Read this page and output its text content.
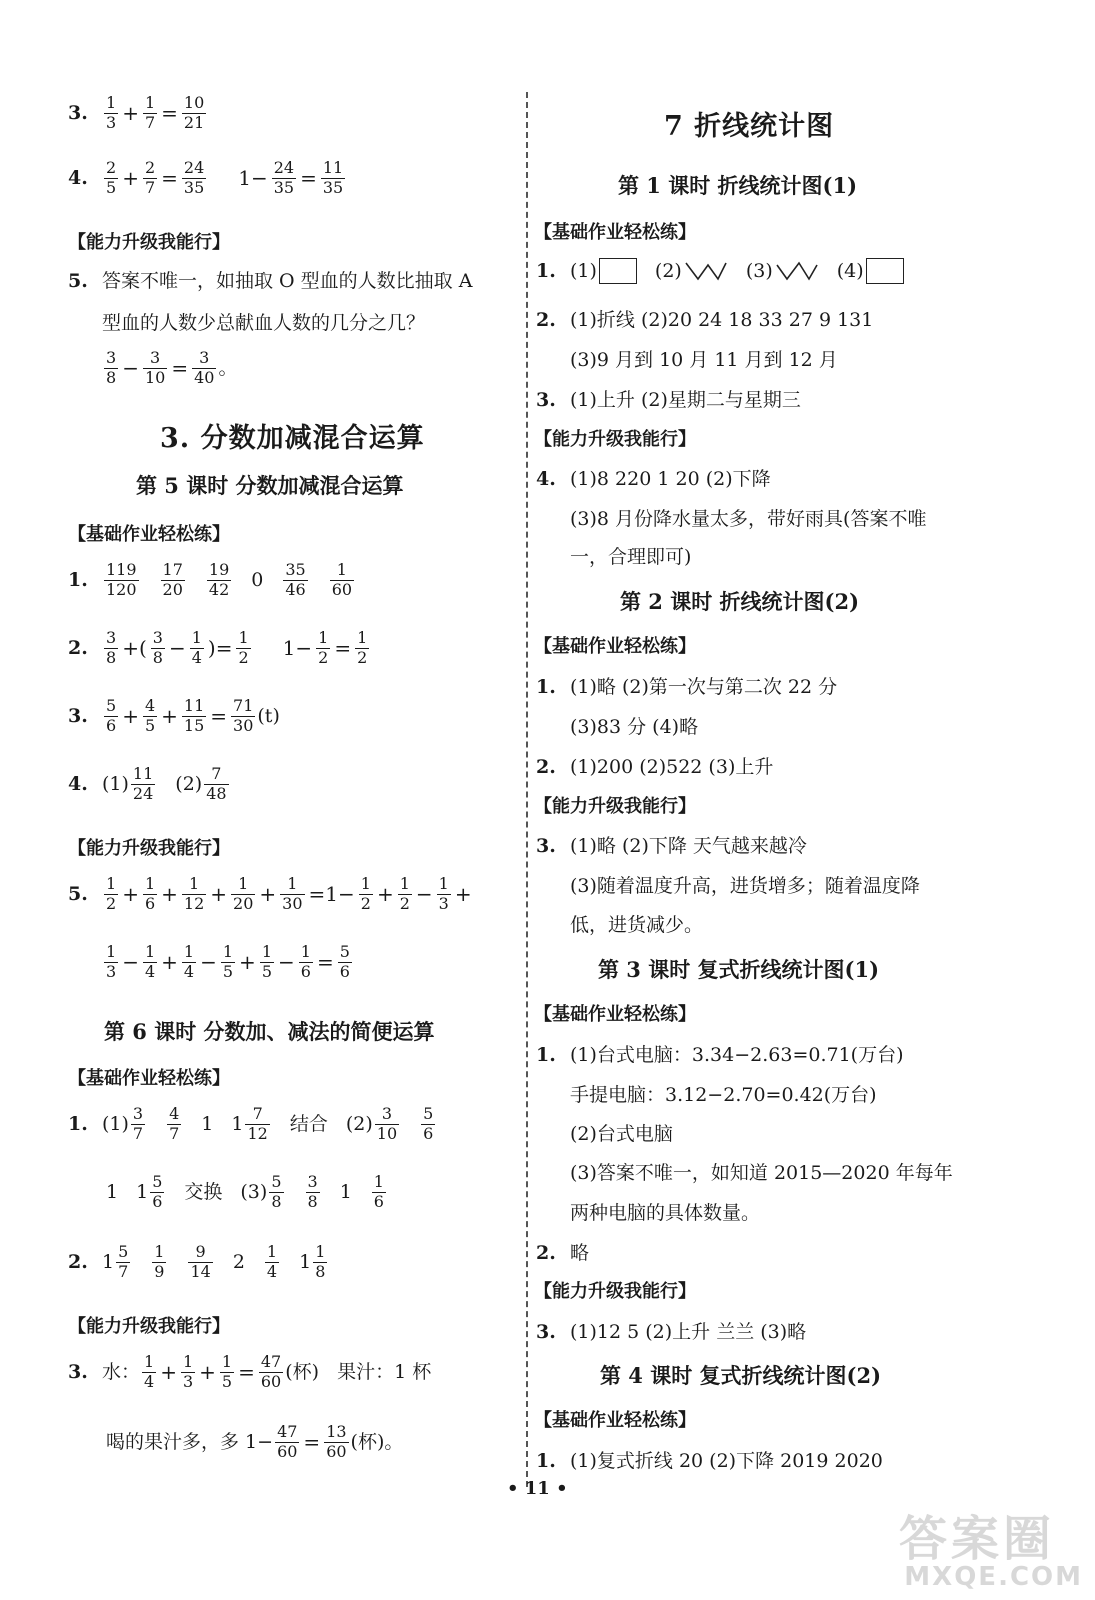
3.	$\frac{1}{3} + \frac{1}{7} = \frac{10}{21}$
4.	$\frac{2}{5} + \frac{2}{7} = \frac{24}{35} 1- \frac{24}{35} = \frac{11}{35}$
【能力升级我能行】
5. 答案不唯一，如抽取 O 型血的人数比抽取 A
型血的人数少总献血人数的几分之几？
$\frac{3}{8} - \frac{3}{10} = \frac{3}{40}$ 。
3. 分数加减混合运算
第 5 课时 分数加减混合运算
【基础作业轻松练】
1.	$\frac{119}{120} \frac{17}{20} \frac{19}{42} 0 \frac{35}{46} \frac{1}{60}$
2.	$\frac{3}{8}$ +( $\frac{3}{8} - \frac{1}{4}$ )= $\frac{1}{2} 1- \frac{1}{2} = \frac{1}{2}$
3.	$\frac{5}{6} + \frac{4}{5} + \frac{11}{15} = \frac{71}{30} (t)$
4. $(1) \frac{11}{24} (2) \frac{7}{48}$
【能力升级我能行】
5.	$\frac{1}{2} + \frac{1}{6} + \frac{1}{12} + \frac{1}{20} + \frac{1}{30} =1- \frac{1}{2} + \frac{1}{2} - \frac{1}{3}$ +
$\frac{1}{3} - \frac{1}{4} + \frac{1}{4} - \frac{1}{5} + \frac{1}{5} - \frac{1}{6} = \frac{5}{6}$
第 6 课时 分数加、减法的简便运算
【基础作业轻松练】
1. $(1) \frac{3}{7} \frac{4}{7} 1$ $1 \frac{7}{12}$ 结合 $(2) \frac{3}{10} \frac{5}{6}$
1 $1 \frac{5}{6}$ 交换 $(3) \frac{5}{8} \frac{3}{8} 1 \frac{1}{6}$
2. $1 \frac{5}{7} \frac{1}{9} \frac{9}{14} 2 \frac{1}{4} 1 \frac{1}{8}$
【能力升级我能行】
3. 水： $\frac{1}{4} + \frac{1}{3} + \frac{1}{5} = \frac{47}{60}$ (杯) 果汁：1 杯
喝的果汁多，多 $1- \frac{47}{60} = \frac{13}{60}$ (杯)。
7 折线统计图
第 1 课时 折线统计图(1)
【基础作业轻松练】
1. (1)	(2)	(3)	(4)
2. (1)折线 (2)20 24 18 33 27 9 131
(3)9 月到 10 月 11 月到 12 月
3. (1)上升 (2)星期二与星期三
【能力升级我能行】
4. (1)8 220 1 20 (2)下降
(3)8 月份降水量太多，带好雨具(答案不唯
一，合理即可)
第 2 课时 折线统计图(2)
【基础作业轻松练】
1. (1)略 (2)第一次与第二次 22 分
(3)83 分 (4)略
2. (1)200 (2)522 (3)上升
【能力升级我能行】
3. (1)略 (2)下降 天气越来越冷
(3)随着温度升高，进货增多；随着温度降
低，进货减少。
第 3 课时 复式折线统计图(1)
【基础作业轻松练】
1. (1)台式电脑：3.34−2.63=0.71(万台)
手提电脑：3.12−2.70=0.42(万台)
(2)台式电脑
(3)答案不唯一，如知道 2015—2020 年每年
两种电脑的具体数量。
2. 略
【能力升级我能行】
3. (1)12 5 (2)上升 兰兰 (3)略
第 4 课时 复式折线统计图(2)
【基础作业轻松练】
1. (1)复式折线 20 (2)下降 2019 2020
• 11 •
答案圈
MXQE.COM
